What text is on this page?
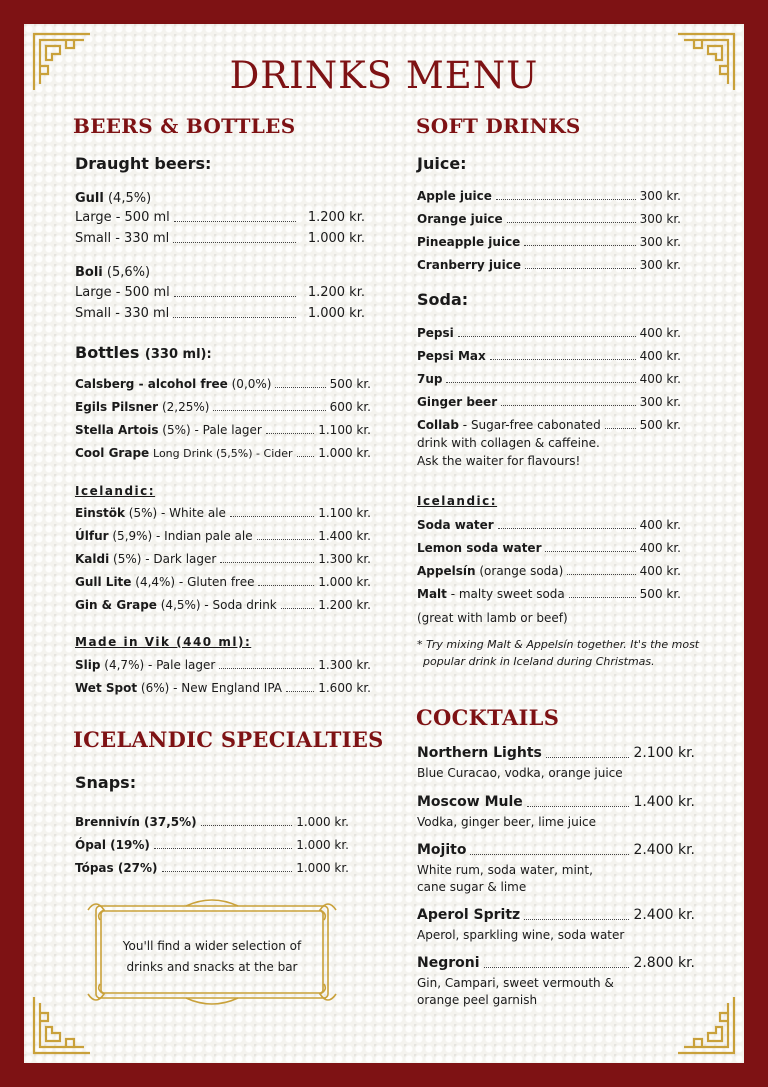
DRINKS MENU
BEERS & BOTTLES
Draught beers:
Gull (4,5%)
Large - 500 ml	1.200 kr.
Small - 330 ml	1.000 kr.
Boli (5,6%)
Large - 500 ml	1.200 kr.
Small - 330 ml	1.000 kr.
Bottles (330 ml):
Calsberg - alcohol free (0,0%)	500 kr.
Egils Pilsner (2,25%)	600 kr.
Stella Artois (5%) - Pale lager	1.100 kr.
Cool Grape Long Drink (5,5%) - Cider 1.000 kr.
Icelandic:
Einstök (5%) - White ale	1.100 kr.
Úlfur (5,9%) - Indian pale ale	1.400 kr.
Kaldi (5%) - Dark lager	1.300 kr.
Gull Lite (4,4%) - Gluten free	1.000 kr.
Gin & Grape (4,5%) - Soda drink	1.200 kr.
Made in Vik (440 ml):
Slip (4,7%) - Pale lager	1.300 kr.
Wet Spot (6%) - New England IPA	1.600 kr.
ICELANDIC SPECIALTIES
Snaps:
Brennivín (37,5%)	1.000 kr.
Ópal (19%)	1.000 kr.
Tópas (27%)	1.000 kr.
You'll find a wider selection of
drinks and snacks at the bar
SOFT DRINKS
Juice:
Apple juice	300 kr.
Orange juice	300 kr.
Pineapple juice	300 kr.
Cranberry juice	300 kr.
Soda:
Pepsi	400 kr.
Pepsi Max	400 kr.
7up	400 kr.
Ginger beer	300 kr.
Collab - Sugar-free cabonated	500 kr.
drink with collagen & caffeine.
Ask the waiter for flavours!
Icelandic:
Soda water	400 kr.
Lemon soda water	400 kr.
Appelsín (orange soda)	400 kr.
Malt - malty sweet soda	500 kr.
(great with lamb or beef)
* Try mixing Malt & Appelsín together. It's the most
popular drink in Iceland during Christmas.
COCKTAILS
Northern Lights	2.100 kr.
Blue Curacao, vodka, orange juice
Moscow Mule	1.400 kr.
Vodka, ginger beer, lime juice
Mojito	2.400 kr.
White rum, soda water, mint,
cane sugar & lime
Aperol Spritz	2.400 kr.
Aperol, sparkling wine, soda water
Negroni	2.800 kr.
Gin, Campari, sweet vermouth &
orange peel garnish
